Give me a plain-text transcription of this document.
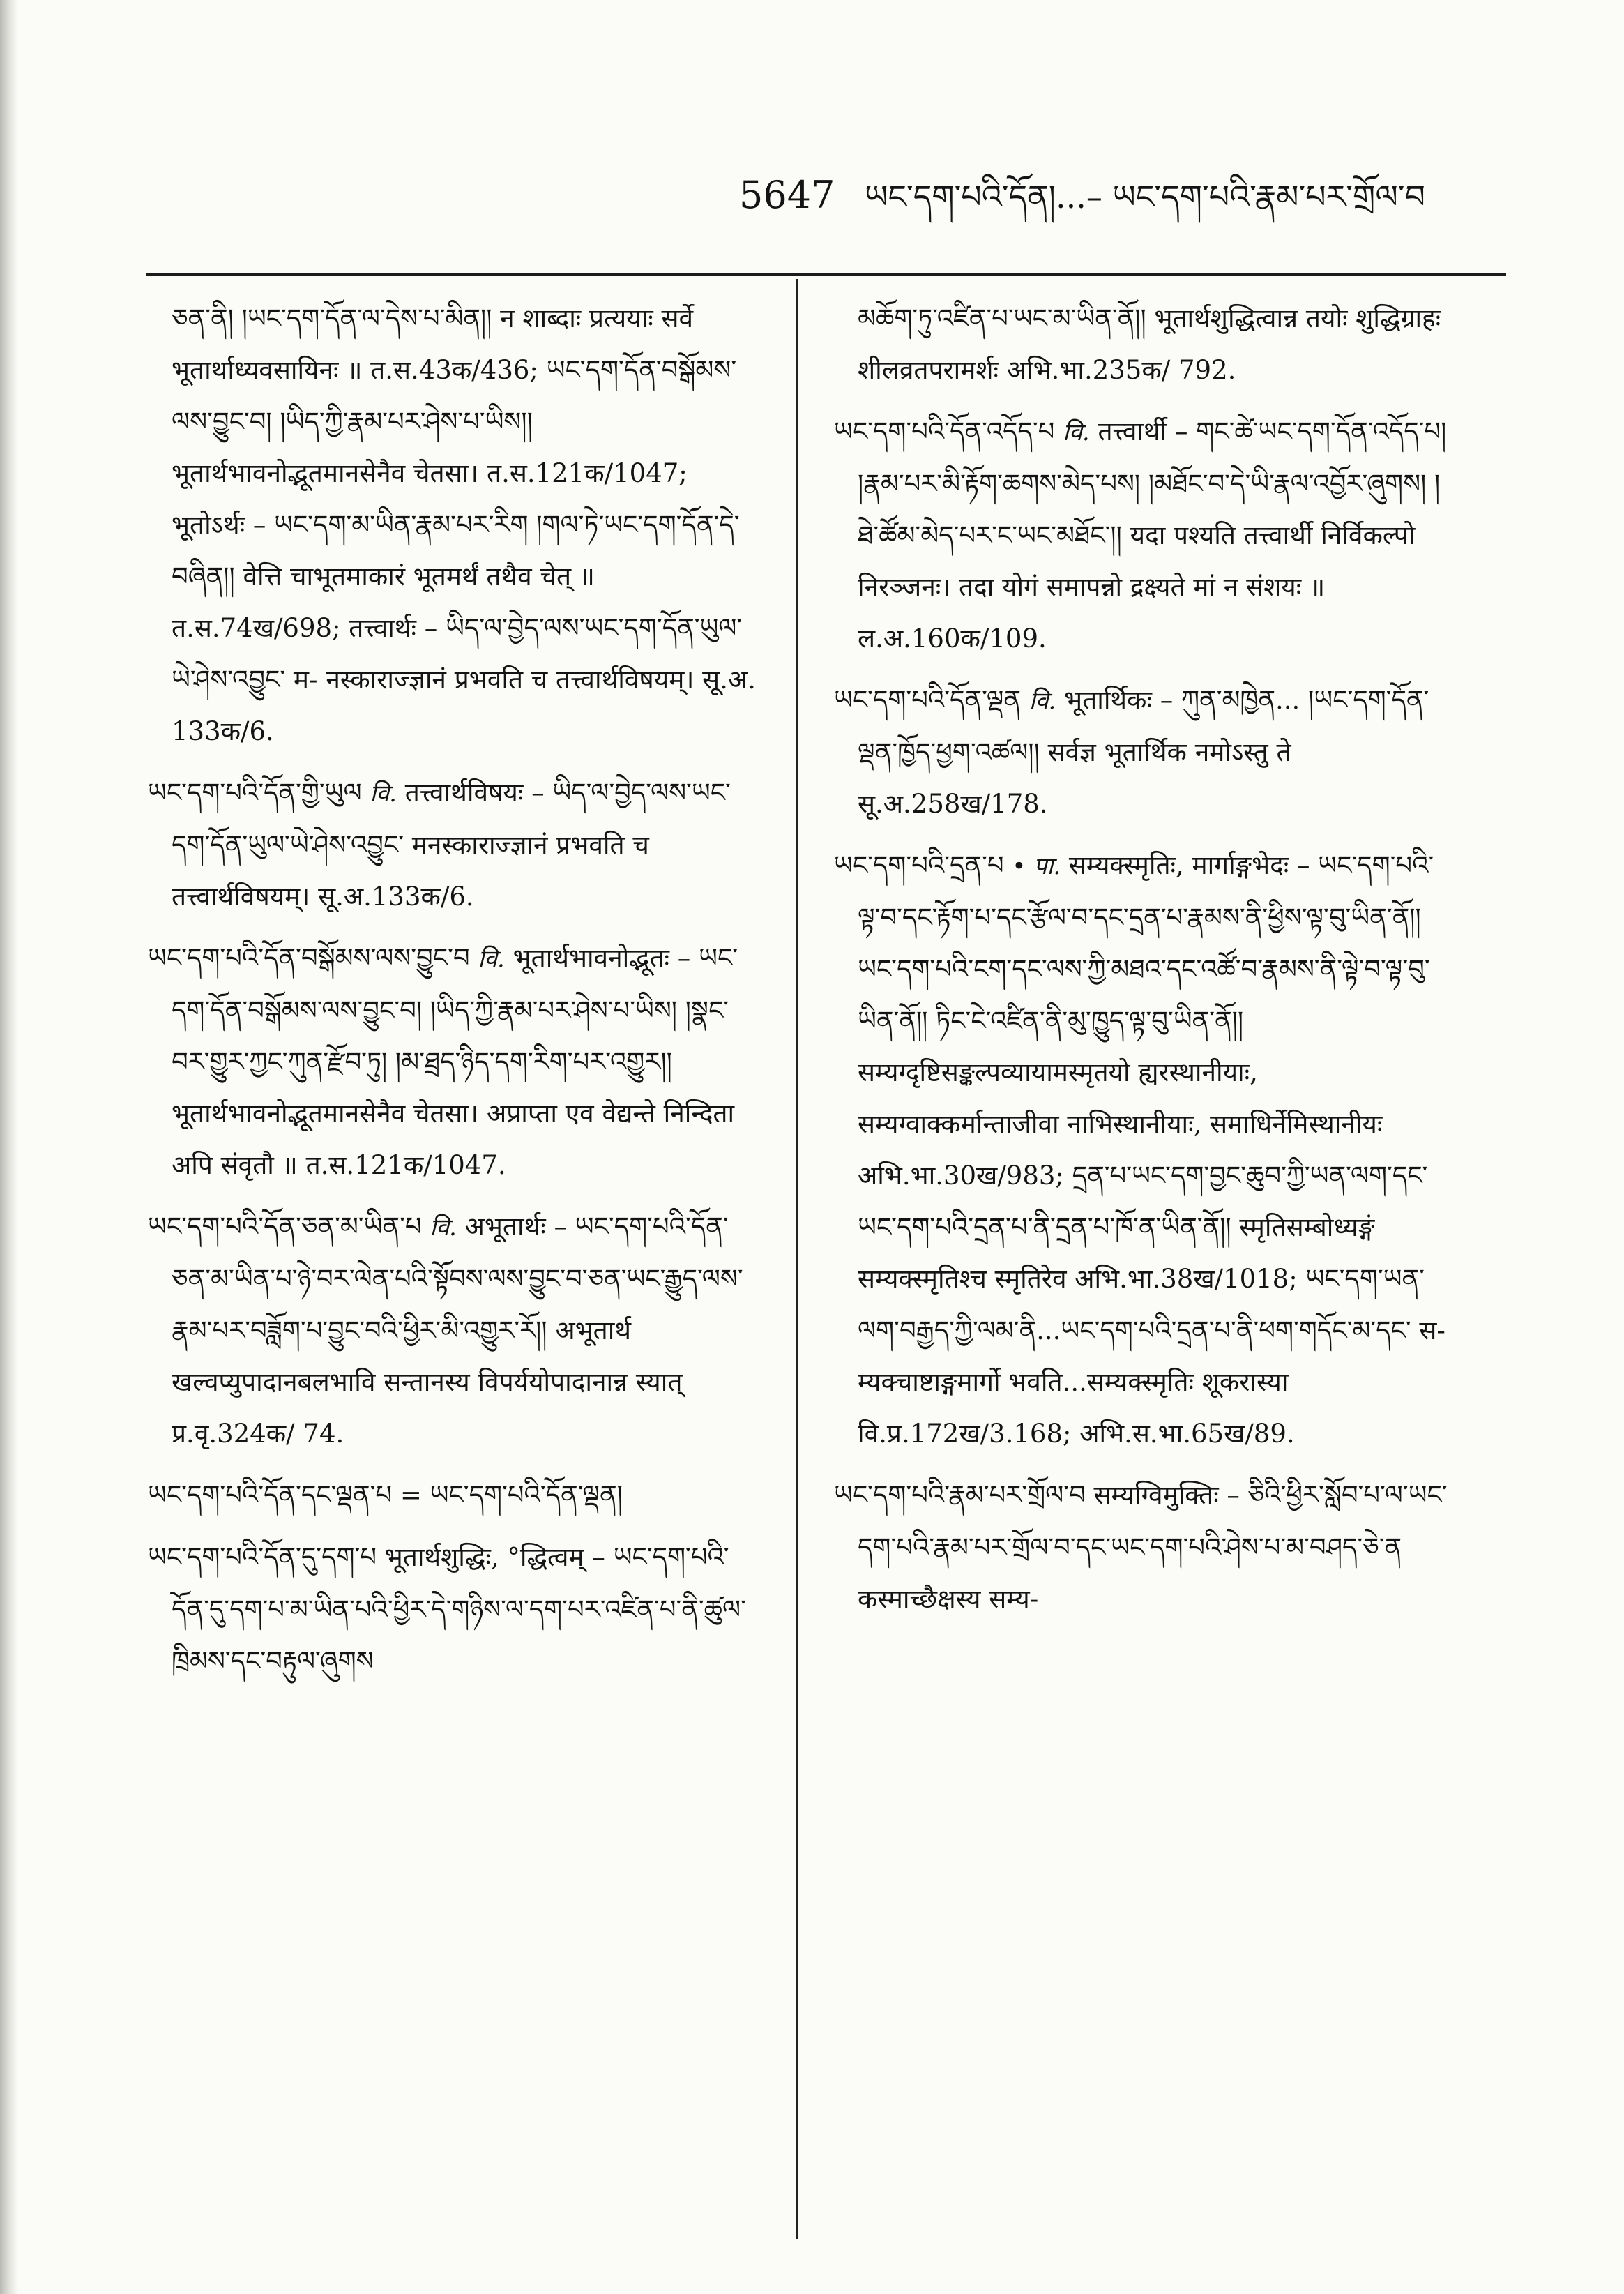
5647 ཡང་དག་པའི་དོན།...– ཡང་དག་པའི་རྣམ་པར་གྲོལ་བ

ཅན་ནི། །ཡང་དག་དོན་ལ་དེས་པ་མིན།། न शाब्दाः प्रत्ययाः सर्वे भूतार्थाध्यवसायिनः ॥ त.स.43क/436; ཡང་དག་དོན་བསྒོམས་ལས་བྱུང་བ། །ཡིད་ཀྱི་རྣམ་པར་ཤེས་པ་ཡིས།། भूतार्थभावनोद्भूतमानसेनैव चेतसा। त.स.121क/1047; भूतोऽर्थः – ཡང་དག་མ་ཡིན་རྣམ་པར་རིག །གལ་ཏེ་ཡང་དག་དོན་དེ་བཞིན།། वेत्ति चाभूतमाकारं भूतमर्थं तथैव चेत् ॥ त.स.74ख/698; तत्त्वार्थः – ཡིད་ལ་བྱེད་ལས་ཡང་དག་དོན་ཡུལ་ཡེ་ཤེས་འབྱུང་ म- नस्काराज्ज्ञानं प्रभवति च तत्त्वार्थविषयम्। सू.अ. 133क/6.

ཡང་དག་པའི་དོན་གྱི་ཡུལ वि. तत्त्वार्थविषयः – ཡིད་ལ་བྱེད་ལས་ཡང་དག་དོན་ཡུལ་ཡེ་ཤེས་འབྱུང་ मनस्काराज्ज्ञानं प्रभवति च तत्त्वार्थविषयम्। सू.अ.133क/6.

ཡང་དག་པའི་དོན་བསྒོམས་ལས་བྱུང་བ वि. भूतार्थभावनोद्भूतः – ཡང་དག་དོན་བསྒོམས་ལས་བྱུང་བ། །ཡིད་ཀྱི་རྣམ་པར་ཤེས་པ་ཡིས། །སྣང་བར་གྱུར་ཀྱང་ཀུན་རྫོབ་ཏུ། །མ་ཐྲད་ཉིད་དག་རིག་པར་འགྱུར།། भूतार्थभावनोद्भूतमानसेनैव चेतसा। अप्राप्ता एव वेद्यन्ते निन्दिता अपि संवृतौ ॥ त.स.121क/1047.

ཡང་དག་པའི་དོན་ཅན་མ་ཡིན་པ वि. अभूतार्थः – ཡང་དག་པའི་དོན་ཅན་མ་ཡིན་པ་ཉེ་བར་ལེན་པའི་སྟོབས་ལས་བྱུང་བ་ཅན་ཡང་རྒྱུད་ལས་རྣམ་པར་བཟློག་པ་བྱུང་བའི་ཕྱིར་མི་འགྱུར་རོ།། अभूतार्थ खल्वप्युपादानबलभावि सन्तानस्य विपर्ययोपादानान्न स्यात् प्र.वृ.324क/ 74.

ཡང་དག་པའི་དོན་དང་ལྡན་པ = ཡང་དག་པའི་དོན་ལྡན།

ཡང་དག་པའི་དོན་དུ་དག་པ भूतार्थशुद्धिः, °द्धित्वम् – ཡང་དག་པའི་དོན་དུ་དག་པ་མ་ཡིན་པའི་ཕྱིར་དེ་གཉིས་ལ་དག་པར་འཛིན་པ་ནི་ཚུལ་ཁྲིམས་དང་བརྟུལ་ཞུགས

མཆོག་ཏུ་འཛིན་པ་ཡང་མ་ཡིན་ནོ།། भूतार्थशुद्धित्वान्न तयोः शुद्धिग्राहः शीलव्रतपरामर्शः अभि.भा.235क/ 792.

ཡང་དག་པའི་དོན་འདོད་པ वि. तत्त्वार्थी – གང་ཚེ་ཡང་དག་དོན་འདོད་པ། །རྣམ་པར་མི་རྟོག་ཆགས་མེད་པས། །མཐོང་བ་དེ་ཡི་རྣལ་འབྱོར་ཞུགས། །ཐེ་ཚོམ་མེད་པར་ང་ཡང་མཐོང་།། यदा पश्यति तत्त्वार्थी निर्विकल्पो निरञ्जनः। तदा योगं समापन्नो द्रक्ष्यते मां न संशयः ॥ ल.अ.160क/109.

ཡང་དག་པའི་དོན་ལྡན वि. भूतार्थिकः – ཀུན་མཁྱེན... །ཡང་དག་དོན་ལྡན་ཁྱོད་ཕྱག་འཚལ།། सर्वज्ञ भूतार्थिक नमोऽस्तु ते सू.अ.258ख/178.

ཡང་དག་པའི་དྲན་པ • पा. सम्यक्स्मृतिः, मार्गाङ्गभेदः – ཡང་དག་པའི་ལྟ་བ་དང་རྟོག་པ་དང་རྩོལ་བ་དང་དྲན་པ་རྣམས་ནི་ཕྱིས་ལྟ་བུ་ཡིན་ནོ།། ཡང་དག་པའི་ངག་དང་ལས་ཀྱི་མཐའ་དང་འཚོ་བ་རྣམས་ནི་ལྟེ་བ་ལྟ་བུ་ཡིན་ནོ།། ཏིང་ངེ་འཛིན་ནི་མུ་ཁྱུད་ལྟ་བུ་ཡིན་ནོ།། सम्यग्दृष्टिसङ्कल्पव्यायामस्मृतयो ह्यरस्थानीयाः, सम्यग्वाक्कर्मान्ताजीवा नाभिस्थानीयाः, समाधिर्नेमिस्थानीयः अभि.भा.30ख/983; དྲན་པ་ཡང་དག་བྱང་ཆུབ་ཀྱི་ཡན་ལག་དང་ཡང་དག་པའི་དྲན་པ་ནི་དྲན་པ་ཁོ་ན་ཡིན་ནོ།། स्मृतिसम्बोध्यङ्गं सम्यक्स्मृतिश्च स्मृतिरेव अभि.भा.38ख/1018; ཡང་དག་ཡན་ལག་བརྒྱད་ཀྱི་ལམ་ནི...ཡང་དག་པའི་དྲན་པ་ནི་ཕག་གདོང་མ་དང་ स- म्यक्चाष्टाङ्गमार्गो भवति...सम्यक्स्मृतिः शूकरास्या वि.प्र.172ख/3.168; अभि.स.भा.65ख/89.

ཡང་དག་པའི་རྣམ་པར་གྲོལ་བ सम्यग्विमुक्तिः – ཅིའི་ཕྱིར་སློབ་པ་ལ་ཡང་དག་པའི་རྣམ་པར་གྲོལ་བ་དང་ཡང་དག་པའི་ཤེས་པ་མ་བཤད་ཅེ་ན कस्माच्छैक्षस्य सम्य-
